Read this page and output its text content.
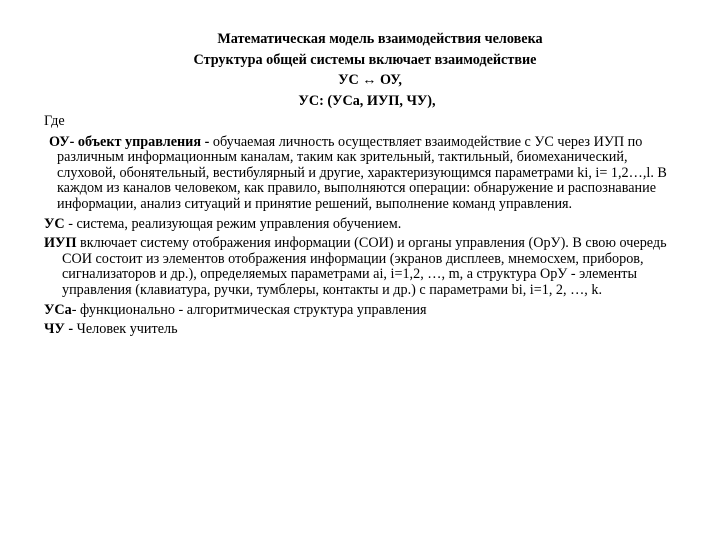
Математическая модель взаимодействия человека
Структура общей системы включает взаимодействие
УС ↔ ОУ,
УС: (УСа, ИУП, ЧУ),

Где

ОУ- объект управления - обучаемая личность осуществляет взаимодействие с УС через ИУП по различным информационным каналам, таким как зрительный, тактильный, биомеханический, слуховой, обонятельный, вестибулярный и другие, характеризующимся параметрами ki, i= 1,2…,l. В каждом из каналов человеком, как правило, выполняются операции: обнаружение и распознавание информации, анализ ситуаций и принятие решений, выполнение команд управления.

УС - система, реализующая режим управления обучением.

ИУП включает систему отображения информации (СОИ) и органы управления (ОрУ). В свою очередь СОИ состоит из элементов отображения информации (экранов дисплеев, мнемосхем, приборов, сигнализаторов и др.), определяемых параметрами ai, i=1,2, …, m, а структура ОрУ - элементы управления (клавиатура, ручки, тумблеры, контакты и др.) с параметрами bi, i=1, 2, …, k.

УСа- функционально - алгоритмическая структура управления

ЧУ - Человек учитель
